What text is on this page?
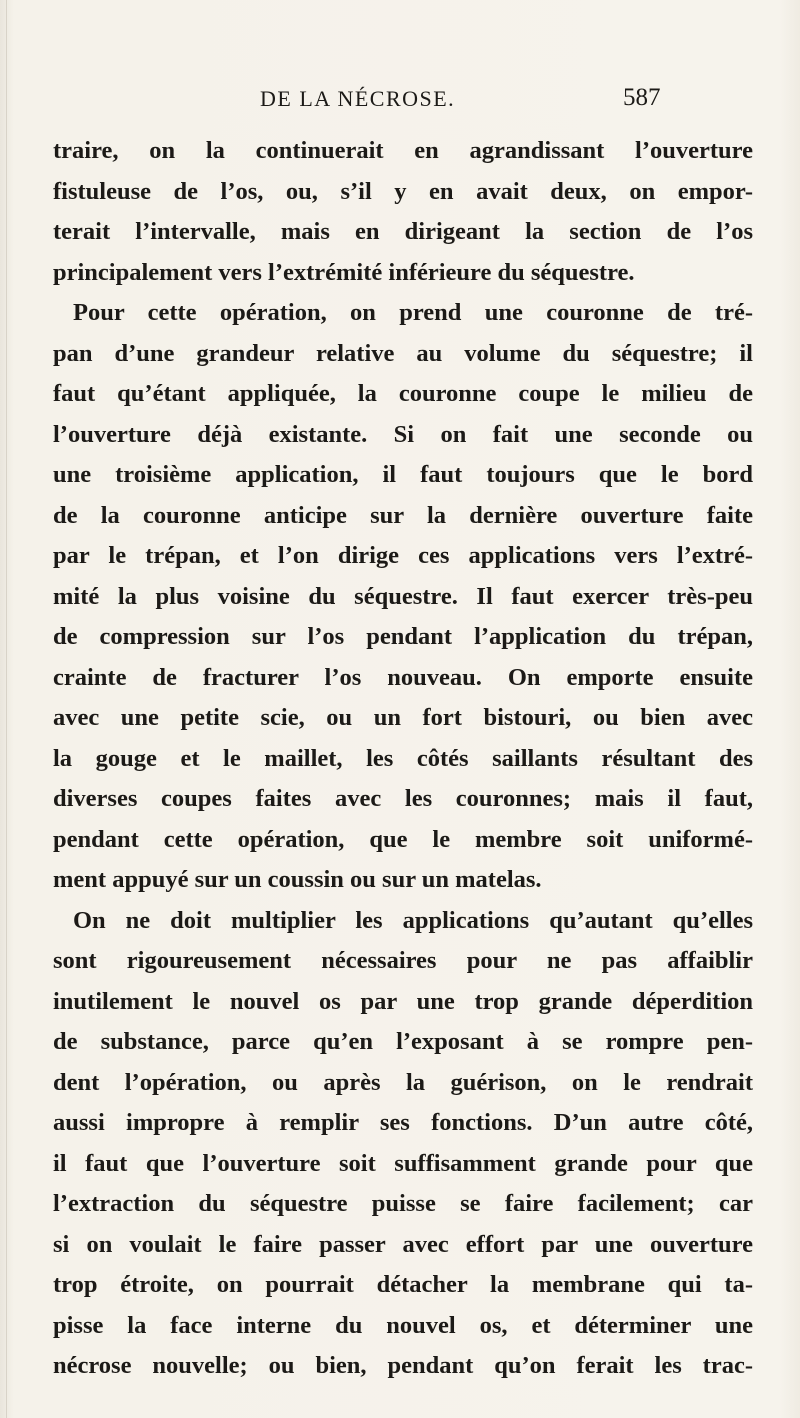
DE LA NÉCROSE.	587
traire, on la continuerait en agrandissant l’ouverture
fistuleuse de l’os, ou, s’il y en avait deux, on empor-
terait l’intervalle, mais en dirigeant la section de l’os
principalement vers l’extrémité inférieure du séquestre.
Pour cette opération, on prend une couronne de tré-
pan d’une grandeur relative au volume du séquestre; il
faut qu’étant appliquée, la couronne coupe le milieu de
l’ouverture déjà existante. Si on fait une seconde ou
une troisième application, il faut toujours que le bord
de la couronne anticipe sur la dernière ouverture faite
par le trépan, et l’on dirige ces applications vers l’extré-
mité la plus voisine du séquestre. Il faut exercer très-peu
de compression sur l’os pendant l’application du trépan,
crainte de fracturer l’os nouveau. On emporte ensuite
avec une petite scie, ou un fort bistouri, ou bien avec
la gouge et le maillet, les côtés saillants résultant des
diverses coupes faites avec les couronnes; mais il faut,
pendant cette opération, que le membre soit uniformé-
ment appuyé sur un coussin ou sur un matelas.
On ne doit multiplier les applications qu’autant qu’elles
sont rigoureusement nécessaires pour ne pas affaiblir
inutilement le nouvel os par une trop grande déperdition
de substance, parce qu’en l’exposant à se rompre pen-
dent l’opération, ou après la guérison, on le rendrait
aussi impropre à remplir ses fonctions. D’un autre côté,
il faut que l’ouverture soit suffisamment grande pour que
l’extraction du séquestre puisse se faire facilement; car
si on voulait le faire passer avec effort par une ouverture
trop étroite, on pourrait détacher la membrane qui ta-
pisse la face interne du nouvel os, et déterminer une
nécrose nouvelle; ou bien, pendant qu’on ferait les trac-
